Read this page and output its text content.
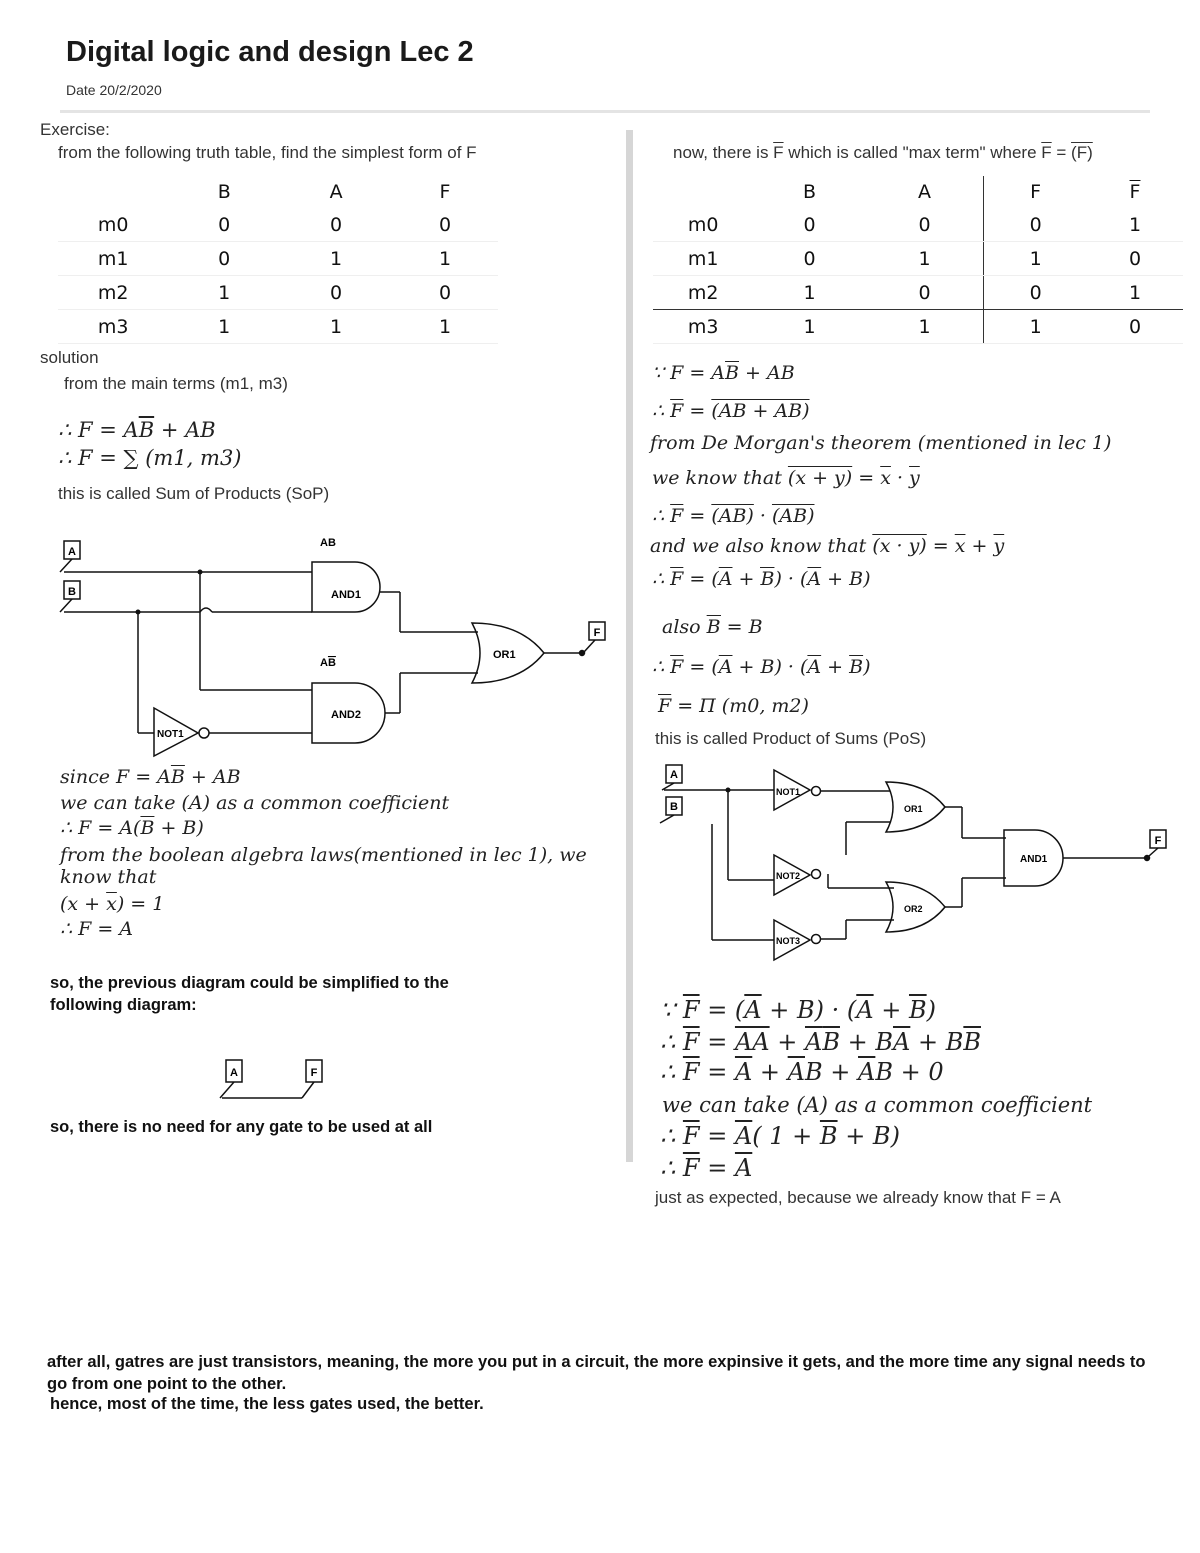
Digital logic and design Lec 2
Date 20/2/2020
Exercise:
from the following truth table, find the simplest form of F
	B	A	F
m0	0	0	0
m1	0	1	1
m2	1	0	0
m3	1	1	1
solution
from the main terms (m1, m3)
∴ $F = A\overline{B}$ + AB
∴ F = ∑ (m1, m3)
this is called Sum of Products (SoP)
A
B
F
AB
AB
AND1
AND2
OR1
NOT1
since $F = A\overline{B}$ + AB
we can take (A) as a common coefficient
∴ $F = A(\overline{B} + B)$
from the boolean algebra laws(mentioned in lec 1), we know that
$(x + \overline{x}) = 1$
∴ F = A
so, the previous diagram could be simplified to the following diagram:
A	F
so, there is no need for any gate to be used at all
now, there is $\overline{F}$ which is called "max term" where $\overline{F} = (F)$
	B	A	F	$\overline{F}$
m0	0	0	0	1
m1	0	1	1	0
m2	1	0	0	1
m3	1	1	1	0
∵ $F = A\overline{B}$ + AB
∴ $\overline{F} = (AB + AB)$
from De Morgan's theorem (mentioned in lec 1)
we know that $(x + y) = \overline{x} \cdot \overline{y}$
∴ $\overline{F} = (AB) \cdot (AB)$
and we also know that $(x \cdot y) = \overline{x} + \overline{y}$
∴ $\overline{F} = (\overline{A} + \overline{B}) \cdot (\overline{A} + B)$
also $\overline{B} = B$
∴ $\overline{F} = (\overline{A} + B) \cdot (\overline{A} + \overline{B})$
$\overline{F} = \Pi$ (m0, m2)
this is called Product of Sums (PoS)
A
B
F
NOT1
NOT2
NOT3
OR1
OR2
AND1
∵ $\overline{F} = (\overline{A} + B) \cdot (\overline{A} + \overline{B})$
∴ $\overline{F} = \overline{AA} + \overline{A}\overline{B} + B\overline{A} + B\overline{B}$
∴ $\overline{F} = \overline{A} + \overline{A}B + \overline{A}B + 0$
we can take (A) as a common coefficient
∴ $\overline{F} = \overline{A}$( $1 + \overline{B} + B$)
∴ $\overline{F} = \overline{A}$
just as expected, because we already know that F = A
after all, gatres are just transistors, meaning, the more you put in a circuit, the more expinsive it gets, and the more time any signal needs to go from one point to the other.
hence, most of the time, the less gates used, the better.
